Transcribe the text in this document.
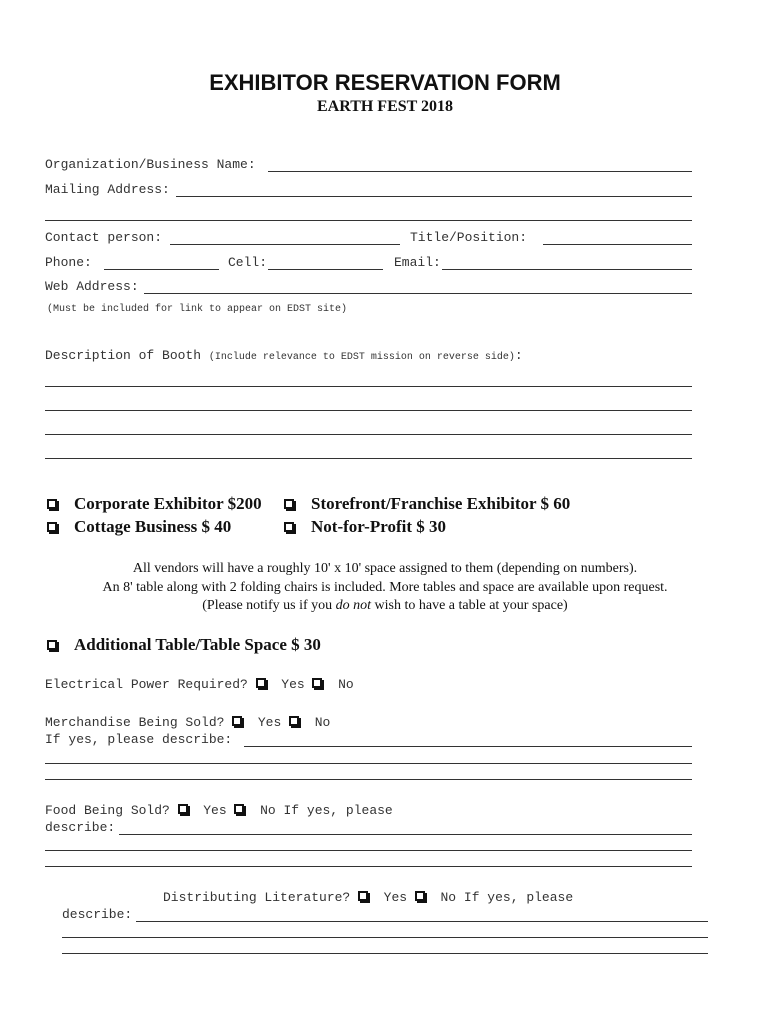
EXHIBITOR RESERVATION FORM
EARTH FEST 2018
Organization/Business Name:
Mailing Address:
Contact person:	Title/Position:
Phone:	Cell:	Email:
Web Address:
(Must be included for link to appear on EDST site)
Description of Booth (Include relevance to EDST mission on reverse side):
Corporate Exhibitor $200	Storefront/Franchise Exhibitor $ 60
Cottage Business $ 40	Not-for-Profit $ 30
All vendors will have a roughly 10' x 10' space assigned to them (depending on numbers).
An 8' table along with 2 folding chairs is included. More tables and space are available upon request.
(Please notify us if you do not wish to have a table at your space)
Additional Table/Table Space $ 30
Electrical Power Required?	Yes	No
Merchandise Being Sold?	Yes	No
If yes, please describe:
Food Being Sold?	Yes	No If yes, please
describe:
Distributing Literature?	Yes	No If yes, please
describe:
